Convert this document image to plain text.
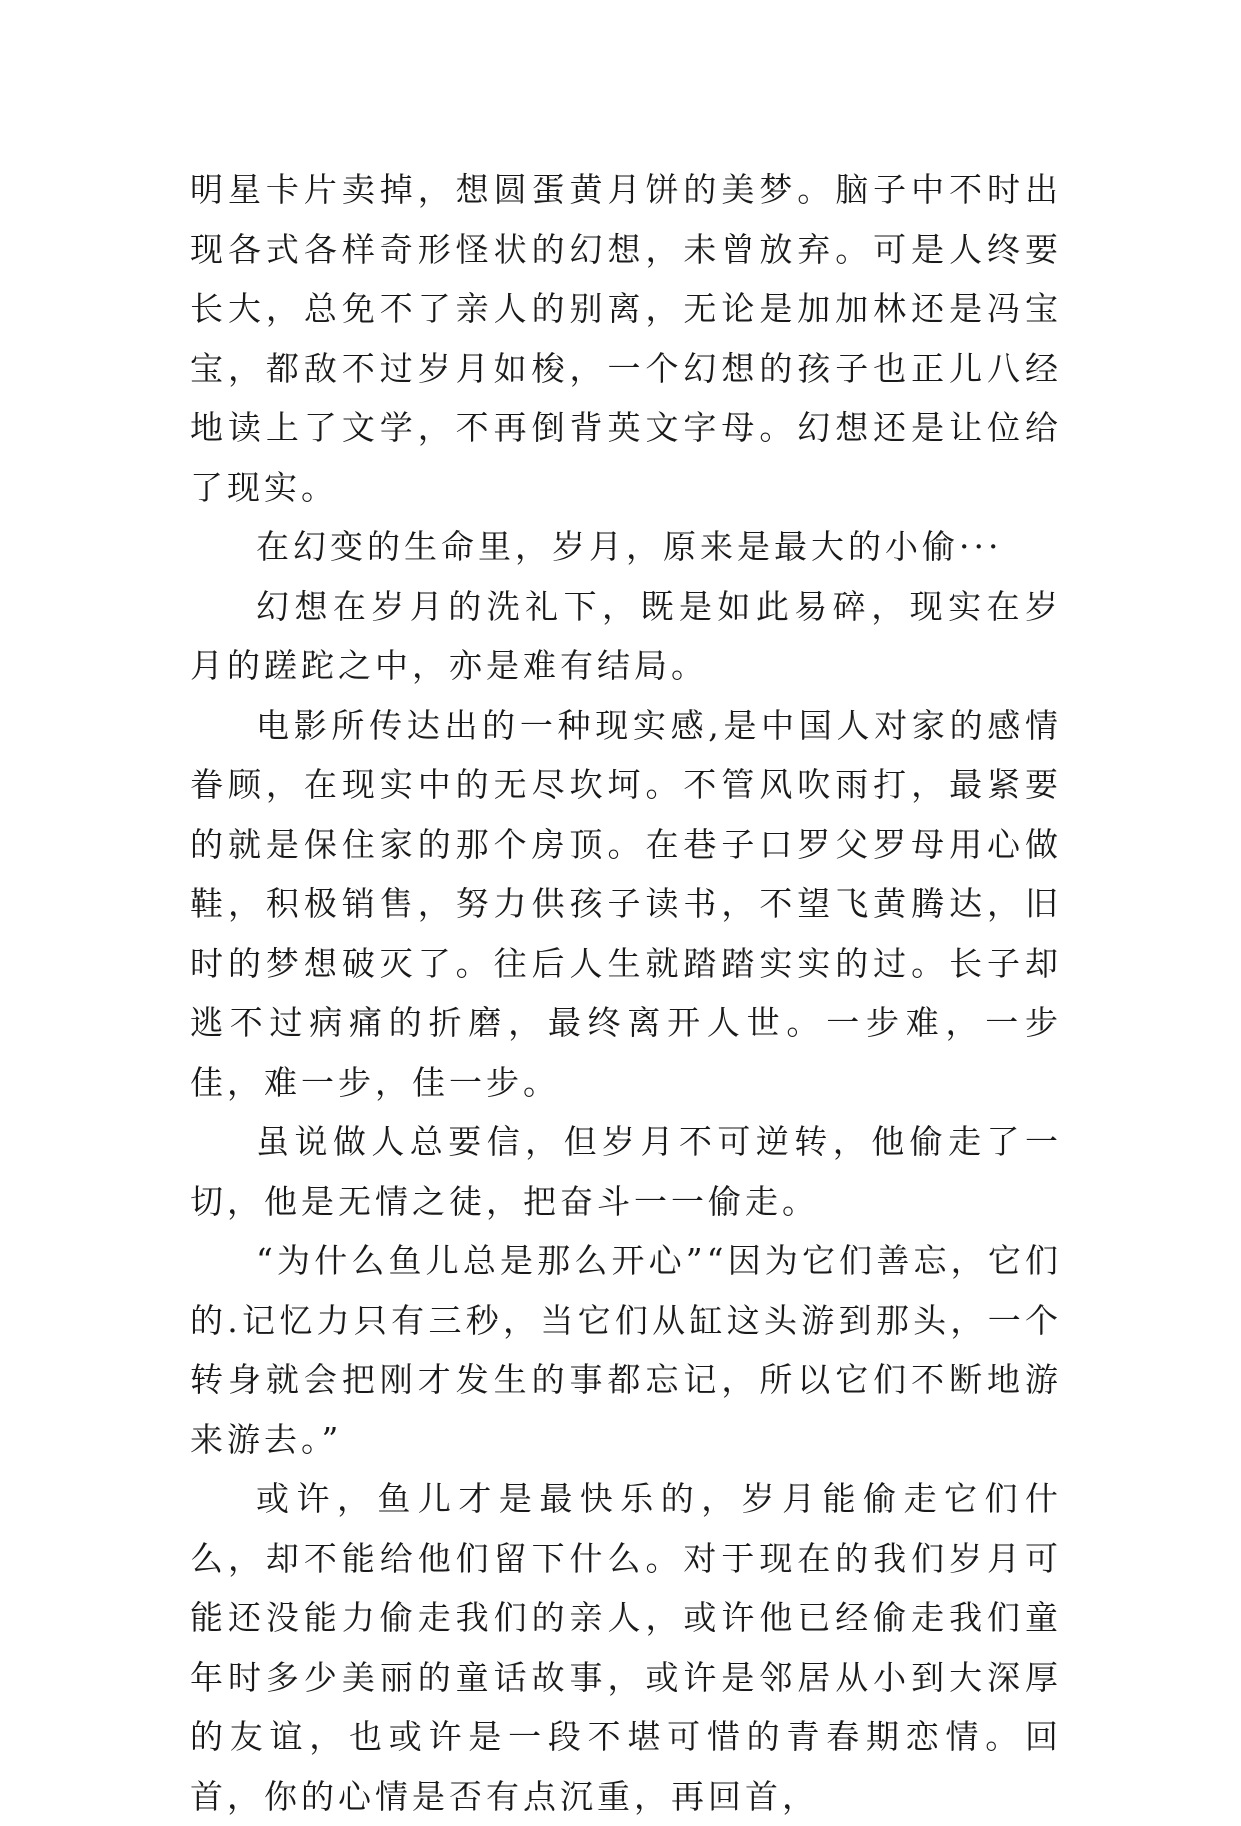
明星卡片卖掉，想圆蛋黄月饼的美梦。脑子中不时出现各式各样奇形怪状的幻想，未曾放弃。可是人终要长大，总免不了亲人的别离，无论是加加林还是冯宝宝，都敌不过岁月如梭，一个幻想的孩子也正儿八经地读上了文学，不再倒背英文字母。幻想还是让位给了现实。

在幻变的生命里，岁月，原来是最大的小偷···

幻想在岁月的洗礼下，既是如此易碎，现实在岁月的蹉跎之中，亦是难有结局。

电影所传达出的一种现实感,是中国人对家的感情眷顾，在现实中的无尽坎坷。不管风吹雨打，最紧要的就是保住家的那个房顶。在巷子口罗父罗母用心做鞋，积极销售，努力供孩子读书，不望飞黄腾达，旧时的梦想破灭了。往后人生就踏踏实实的过。长子却逃不过病痛的折磨，最终离开人世。一步难，一步佳，难一步，佳一步。

虽说做人总要信，但岁月不可逆转，他偷走了一切，他是无情之徒，把奋斗一一偷走。

“为什么鱼儿总是那么开心”“因为它们善忘，它们的.记忆力只有三秒，当它们从缸这头游到那头，一个转身就会把刚才发生的事都忘记，所以它们不断地游来游去。”

或许，鱼儿才是最快乐的，岁月能偷走它们什么，却不能给他们留下什么。对于现在的我们岁月可能还没能力偷走我们的亲人，或许他已经偷走我们童年时多少美丽的童话故事，或许是邻居从小到大深厚的友谊，也或许是一段不堪可惜的青春期恋情。回首，你的心情是否有点沉重，再回首，
